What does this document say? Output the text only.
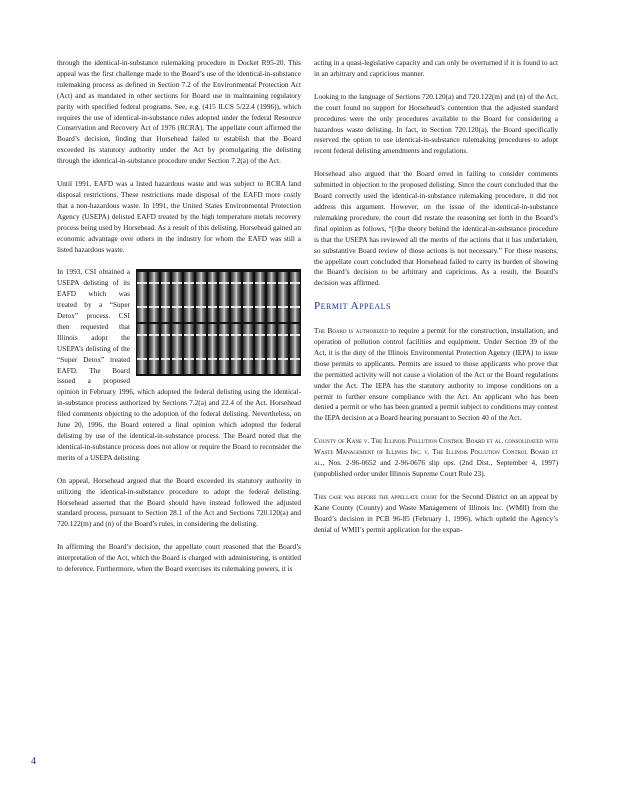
through the identical-in-substance rulemaking procedure in Docket R95-20. This appeal was the first challenge made to the Board’s use of the identical-in-substance rulemaking process as defined in Section 7.2 of the Environmental Protection Act (Act) and as mandated in other sections for Board use in maintaining regulatory parity with specified federal programs. See, e.g. (415 ILCS 5/22.4 (1996)), which requires the use of identical-in-substance rules adopted under the federal Resource Conservation and Recovery Act of 1976 (RCRA). The appellate court affirmed the Board’s decision, finding that Horsehead failed to establish that the Board exceeded its statutory authority under the Act by promulgating the delisting through the identical-in-substance procedure under Section 7.2(a) of the Act.

Until 1991, EAFD was a listed hazardous waste and was subject to RCRA land disposal restrictions. These restrictions made disposal of the EAFD more costly that a non-hazardous waste. In 1991, the United States Environmental Protection Agency (USEPA) delisted EAFD treated by the high temperature metals recovery process being used by Horsehead. As a result of this delisting, Horsehead gained an economic advantage over others in the industry for whom the EAFD was still a listed hazardous waste.

In 1993, CSI obtained a USEPA delisting of its EAFD which was treated by a “Super Detox” process. CSI then requested that Illinois adopt the USEPA’s delisting of the “Super Detox” treated EAFD. The Board issued a proposed opinion in February 1996, which adopted the federal delisting using the identical-in-substance process authorized by Sections 7.2(a) and 22.4 of the Act. Horsehead filed comments objecting to the adoption of the federal delisting. Nevertheless, on June 20, 1996, the Board entered a final opinion which adopted the federal delisting by use of the identical-in-substance process. The Board noted that the identical-in-substance process does not allow or require the Board to reconsider the merits of a USEPA delisting.

On appeal, Horsehead argued that the Board exceeded its statutory authority in utilizing the identical-in-substance procedure to adopt the federal delisting. Horsehead asserted that the Board should have instead followed the adjusted standard process, pursuant to Section 28.1 of the Act and Sections 720.120(a) and 720.122(m) and (n) of the Board’s rules, in considering the delisting.

In affirming the Board’s decision, the appellate court reasoned that the Board’s interpretation of the Act, which the Board is charged with administering, is entitled to deference. Furthermore, when the Board exercises its rulemaking powers, it is

acting in a quasi-legislative capacity and can only be overturned if it is found to act in an arbitrary and capricious manner.

Looking to the language of Sections 720.120(a) and 720.122(m) and (n) of the Act, the court found no support for Horsehead’s contention that the adjusted standard procedures were the only procedures available to the Board for considering a hazardous waste delisting. In fact, in Section 720.120(a), the Board specifically reserved the option to use identical-in-substance rulemaking procedures to adopt recent federal delisting amendments and regulations.

Horsehead also argued that the Board erred in failing to consider comments submitted in objection to the proposed delisting. Since the court concluded that the Board correctly used the identical-in-substance rulemaking procedure, it did not address this argument. However, on the issue of the identical-in-substance rulemaking procedure, the court did restate the reasoning set forth in the Board’s final opinion as follows, “[t]he theory behind the identical-in-substance procedure is that the USEPA has reviewed all the merits of the actions that it has undertaken, so substantive Board review of those actions is not necessary.” For these reasons, the appellate court concluded that Horsehead failed to carry its burden of showing the Board’s decision to be arbitrary and capricious. As a result, the Board’s decision was affirmed.

Permit Appeals

The Board is authorized to require a permit for the construction, installation, and operation of pollution control facilities and equipment. Under Section 39 of the Act, it is the duty of the Illinois Environmental Protection Agency (IEPA) to issue those permits to applicants. Permits are issued to those applicants who prove that the permitted activity will not cause a violation of the Act or the Board regulations under the Act. The IEPA has the statutory authority to impose conditions on a permit to further ensure compliance with the Act. An applicant who has been denied a permit or who has been granted a permit subject to conditions may contest the IEPA decision at a Board hearing pursuant to Section 40 of the Act.

County of Kane v. The Illinois Pollution Control Board et al. consolidated with Waste Management of Illinois Inc. v. The Illinois Pollution Control Board et al., Nos. 2-96-0652 and 2-96-0676 slip ops. (2nd Dist., September 4, 1997) (unpublished order under Illinois Supreme Court Rule 23).

This case was before the appellate court for the Second District on an appeal by Kane County (County) and Waste Management of Illinois Inc. (WMII) from the Board’s decision in PCB 96-85 (February 1, 1996), which upheld the Agency’s denial of WMII’s permit application for the expan-

4
